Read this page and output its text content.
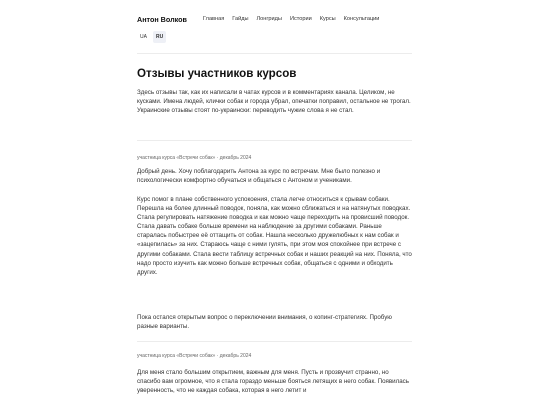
Антон Волков	Главная Гайды Лонгриды Истории Курсы Консультации
UA	RU
Отзывы участников курсов

Здесь отзывы так, как их написали в чатах курсов и в комментариях канала. Целиком, не кусками. Имена людей, клички собак и города убрал, опечатки поправил, остальное не трогал. Украинские отзывы стоят по-украински: переводить чужие слова я не стал.

участница курса «Встречи собак» · декабрь 2024

Добрый день. Хочу поблагодарить Антона за курс по встречам. Мне было полезно и психологически комфортно обучаться и общаться с Антоном и учениками.

Курс помог в плане собственного успокоения, стала легче относиться к срывам собаки. Перешла на более длинный поводок, поняла, как можно сближаться и на натянутых поводках. Стала регулировать натяжение поводка и как можно чаще переходить на провисший поводок. Стала давать собаке больше времени на наблюдение за другими собаками. Раньше старалась побыстрее её оттащить от собак. Нашла несколько дружелюбных к нам собак и «зацепилась» за них. Стараюсь чаще с ними гулять, при этом моя спокойнее при встрече с другими собаками. Стала вести таблицу встречных собак и наших реакций на них. Поняла, что надо просто изучить как можно больше встречных собак, общаться с одними и обходить других.

Пока остался открытым вопрос о переключении внимания, о копинг-стратегиях. Пробую разные варианты.

участница курса «Встречи собак» · декабрь 2024

Для меня стало большим открытием, важным для меня. Пусть и прозвучит странно, но спасибо вам огромное, что я стала гораздо меньше бояться летящих в него собак. Появилась уверенность, что не каждая собака, которая в него летит и
